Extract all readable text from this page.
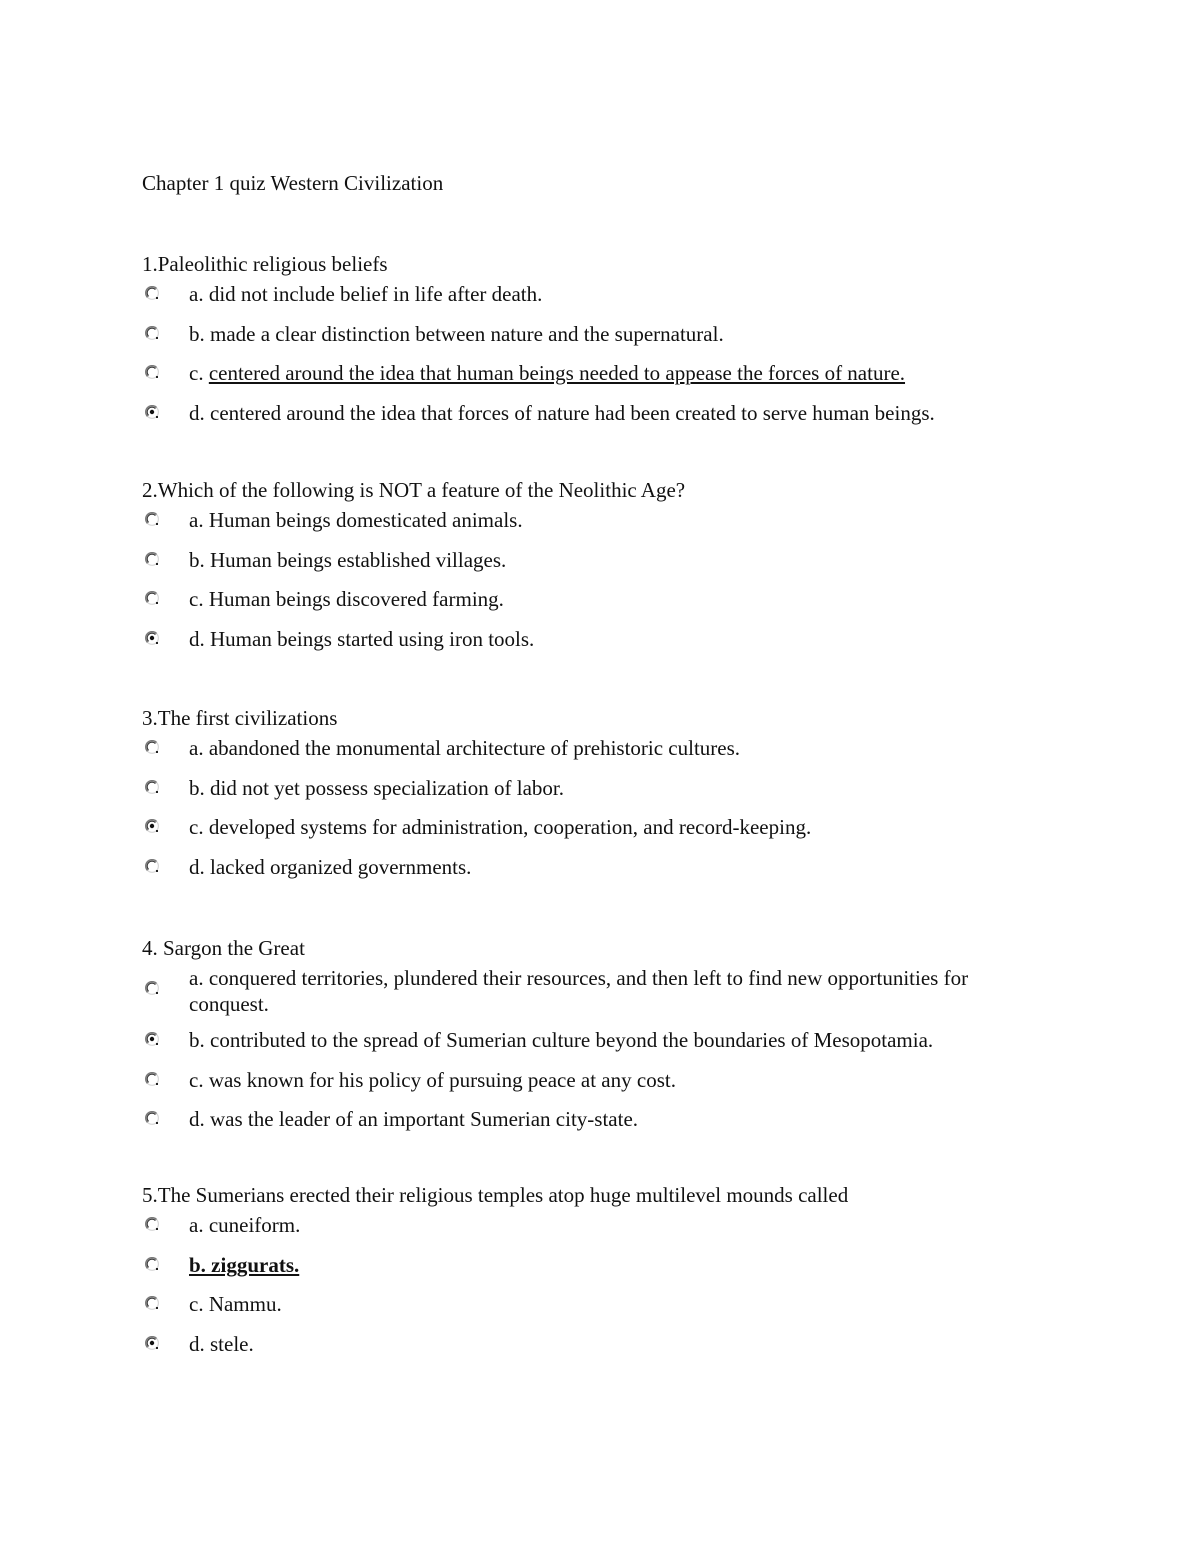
Chapter 1 quiz Western Civilization
1.Paleolithic religious beliefs
a. did not include belief in life after death.
b. made a clear distinction between nature and the supernatural.
c. centered around the idea that human beings needed to appease the forces of nature.
d. centered around the idea that forces of nature had been created to serve human beings.
2.Which of the following is NOT a feature of the Neolithic Age?
a. Human beings domesticated animals.
b. Human beings established villages.
c. Human beings discovered farming.
d. Human beings started using iron tools.
3.The first civilizations
a. abandoned the monumental architecture of prehistoric cultures.
b. did not yet possess specialization of labor.
c. developed systems for administration, cooperation, and record-keeping.
d. lacked organized governments.
4. Sargon the Great
a. conquered territories, plundered their resources, and then left to find new opportunities for conquest.
b. contributed to the spread of Sumerian culture beyond the boundaries of Mesopotamia.
c. was known for his policy of pursuing peace at any cost.
d. was the leader of an important Sumerian city-state.
5.The Sumerians erected their religious temples atop huge multilevel mounds called
a. cuneiform.
b. ziggurats.
c. Nammu.
d. stele.
